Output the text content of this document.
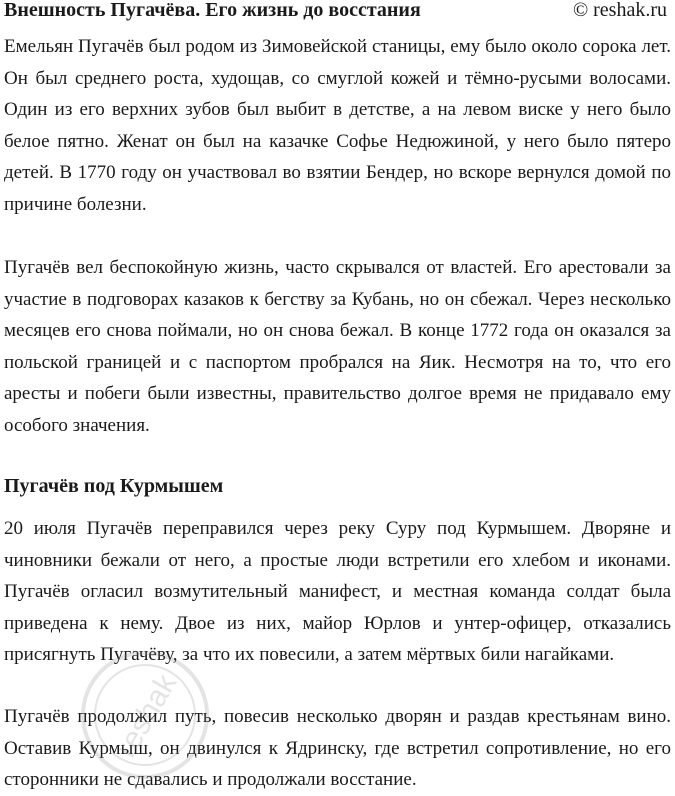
Внешность Пугачёва. Его жизнь до восстания	© reshak.ru

Емельян Пугачёв был родом из Зимовейской станицы, ему было около сорока лет. Он был среднего роста, худощав, со смуглой кожей и тёмно-русыми волосами. Один из его верхних зубов был выбит в детстве, а на левом виске у него было белое пятно. Женат он был на казачке Софье Недюжиной, у него было пятеро детей. В 1770 году он участвовал во взятии Бендер, но вскоре вернулся домой по причине болезни.

Пугачёв вел беспокойную жизнь, часто скрывался от властей. Его арестовали за участие в подговорах казаков к бегству за Кубань, но он сбежал. Через несколько месяцев его снова поймали, но он снова бежал. В конце 1772 года он оказался за польской границей и с паспортом пробрался на Яик. Несмотря на то, что его аресты и побеги были известны, правительство долгое время не придавало ему особого значения.

Пугачёв под Курмышем

20 июля Пугачёв переправился через реку Суру под Курмышем. Дворяне и чиновники бежали от него, а простые люди встретили его хлебом и иконами. Пугачёв огласил возмутительный манифест, и местная команда солдат была приведена к нему. Двое из них, майор Юрлов и унтер-офицер, отказались присягнуть Пугачёву, за что их повесили, а затем мёртвых били нагайками.

Пугачёв продолжил путь, повесив несколько дворян и раздав крестьянам вино. Оставив Курмыш, он двинулся к Ядринску, где встретил сопротивление, но его сторонники не сдавались и продолжали восстание.

reshak
